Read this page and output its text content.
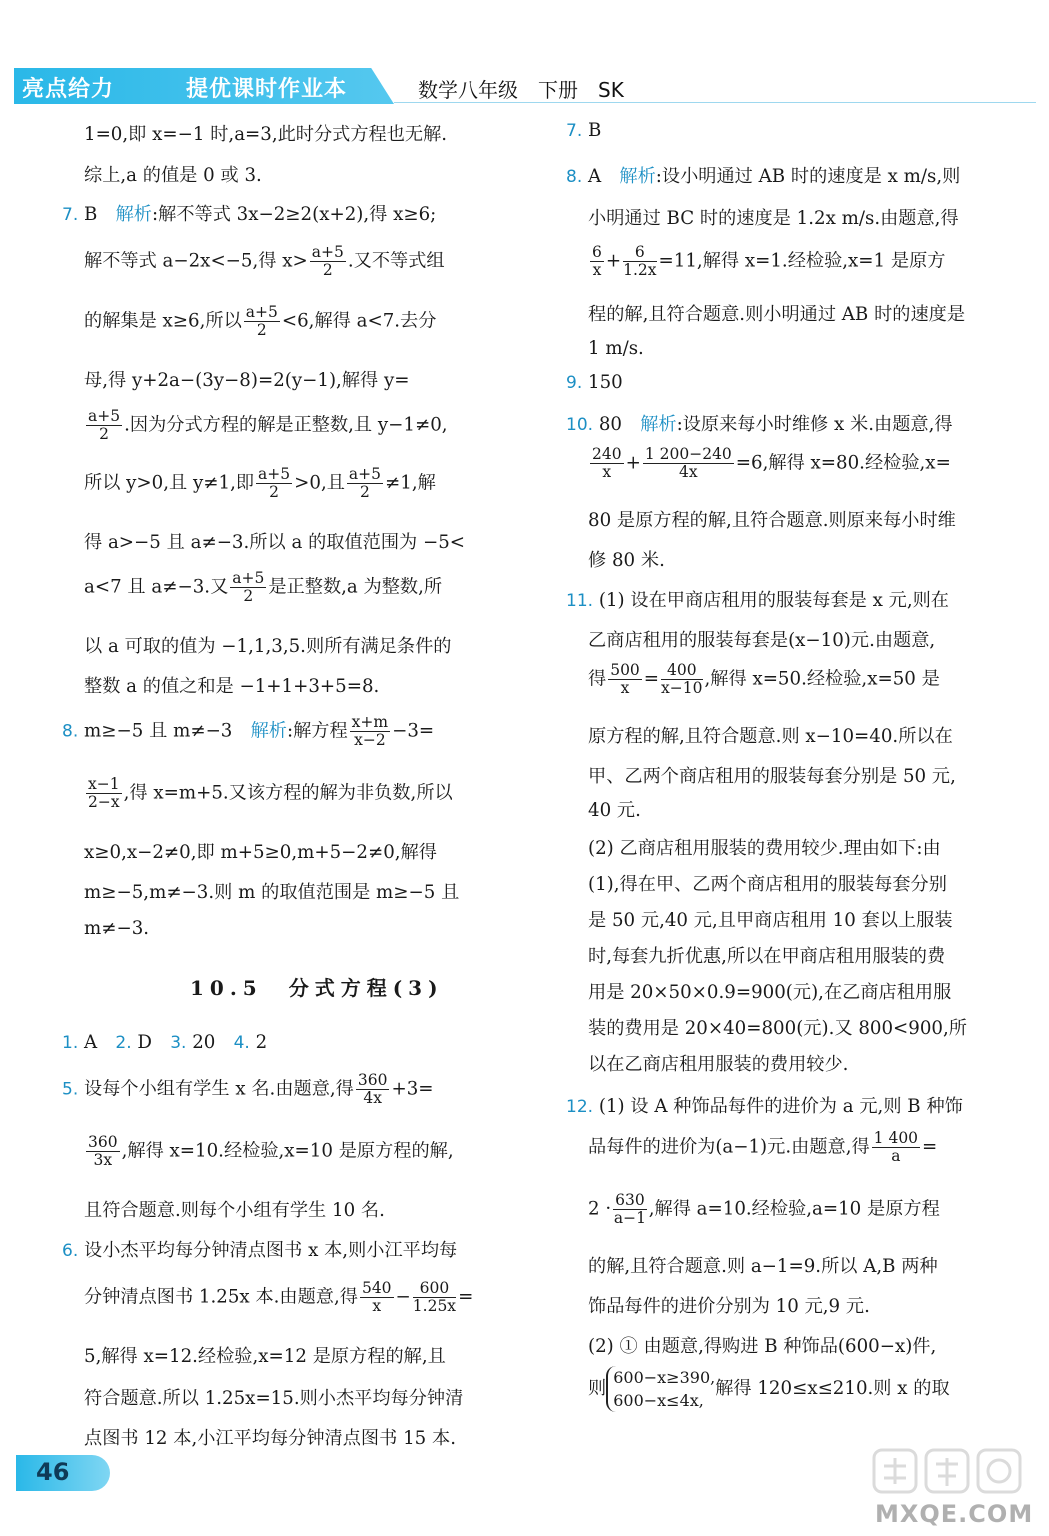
亮点给力	提优课时作业本	数学八年级　下册　SK
1=0,即 x=−1 时,a=3,此时分式方程也无解.
综上,a 的值是 0 或 3.
7. B　 解析:解不等式 3x−2≥2(x+2),得 x≥6;
解不等式 a−2x<−5,得 $x> \frac{a+5}{2}$ .又不等式组
的解集是 x≥6,所以 $\frac{a+5}{2} <6$,解得 a<7.去分
母,得 y+2a−(3y−8)=2(y−1),解得 y=
$\frac{a+5}{2}$ .因为分式方程的解是正整数,且 y−1≠0,
所以 y>0,且 y≠1,即 $\frac{a+5}{2} >0$,且 $\frac{a+5}{2} \ne 1$,解
得 a>−5 且 a≠−3.所以 a 的取值范围为 −5<
a<7 且 a≠−3.又 $\frac{a+5}{2}$ 是正整数,a 为整数,所
以 a 可取的值为 −1,1,3,5.则所有满足条件的
整数 a 的值之和是 −1+1+3+5=8.
8. m≥−5 且 m≠−3　 解析:解方程 $\frac{x+m}{x-2} -3=$
$\frac{x-1}{2-x}$ ,得 x=m+5.又该方程的解为非负数,所以
x≥0,x−2≠0,即 m+5≥0,m+5−2≠0,解得
m≥−5,m≠−3.则 m 的取值范围是 m≥−5 且
m≠−3.
1. A　 2. D　 3. 20　 4. 2
5. 设每个小组有学生 x 名.由题意,得 $\frac{360}{4x} +3=$
$\frac{360}{3x}$ ,解得 x=10.经检验,x=10 是原方程的解,
且符合题意.则每个小组有学生 10 名.
6. 设小杰平均每分钟清点图书 x 本,则小江平均每
分钟清点图书 1.25x 本.由题意,得 $\frac{540}{x} - \frac{600}{1.25x}$ =
5,解得 x=12.经检验,x=12 是原方程的解,且
符合题意.所以 1.25x=15.则小杰平均每分钟清
点图书 12 本,小江平均每分钟清点图书 15 本.
10.5　分式方程(3)
7. B
8. A　 解析:设小明通过 AB 时的速度是 x m/s,则
小明通过 BC 时的速度是 1.2x m/s.由题意,得
$\frac{6}{x} + \frac{6}{1.2x} =11$,解得 x=1.经检验,x=1 是原方
程的解,且符合题意.则小明通过 AB 时的速度是
1 m/s.
9. 150
10. 80　 解析:设原来每小时维修 x 米.由题意,得
$\frac{240}{x} + \frac{1 200-240}{4x} =6$,解得 x=80.经检验,x=
80 是原方程的解,且符合题意.则原来每小时维
修 80 米.
11. (1) 设在甲商店租用的服装每套是 x 元,则在
乙商店租用的服装每套是(x−10)元.由题意,
得 $\frac{500}{x} = \frac{400}{x-10}$ ,解得 x=50.经检验,x=50 是
原方程的解,且符合题意.则 x−10=40.所以在
甲、乙两个商店租用的服装每套分别是 50 元,
40 元.
(2) 乙商店租用服装的费用较少.理由如下:由
(1),得在甲、乙两个商店租用的服装每套分别
是 50 元,40 元,且甲商店租用 10 套以上服装
时,每套九折优惠,所以在甲商店租用服装的费
用是 20×50×0.9=900(元),在乙商店租用服
装的费用是 20×40=800(元).又 800<900,所
以在乙商店租用服装的费用较少.
12. (1) 设 A 种饰品每件的进价为 a 元,则 B 种饰
品每件的进价为(a−1)元.由题意,得 $\frac{1 400}{a}$ =
$2 \cdot \frac{630}{a-1}$ ,解得 a=10.经检验,a=10 是原方程
的解,且符合题意.则 a−1=9.所以 A,B 两种
饰品每件的进价分别为 10 元,9 元.
(2) ① 由题意,得购进 B 种饰品(600−x)件,
则
600−x≥390,
600−x≤4x,
解得 120≤x≤210.则 x 的取
46
MXQE.COM
